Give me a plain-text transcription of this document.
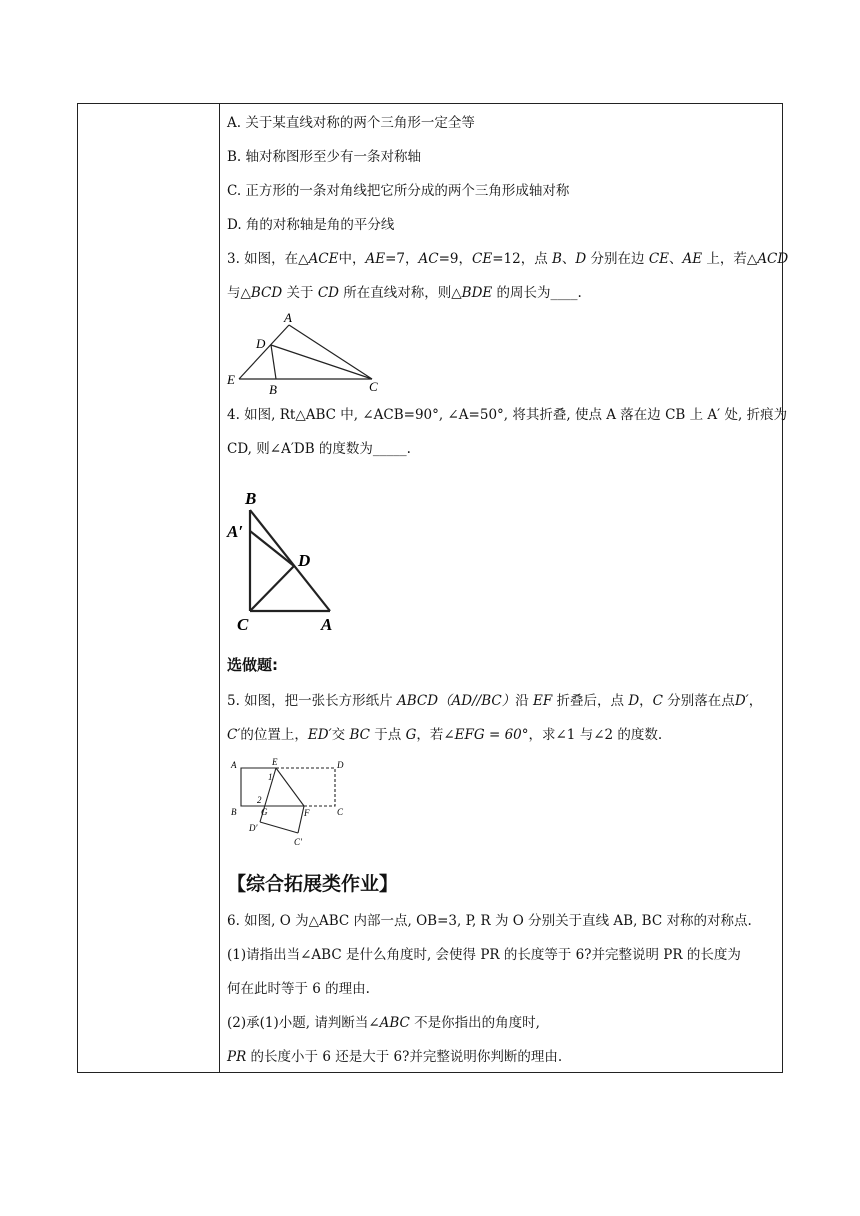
A. 关于某直线对称的两个三角形一定全等
B. 轴对称图形至少有一条对称轴
C. 正方形的一条对角线把它所分成的两个三角形成轴对称
D. 角的对称轴是角的平分线
3. 如图，在△ACE中，AE=7，AC=9，CE=12，点 B、D 分别在边 CE、AE 上，若△ACD
与△BCD 关于 CD 所在直线对称，则△BDE 的周长为____.
A
D
E
B	C
4. 如图, Rt△ABC 中, ∠ACB=90°, ∠A=50°, 将其折叠, 使点 A 落在边 CB 上 A′ 处, 折痕为
CD, 则∠A′DB 的度数为_____.
B
A′
D
C	A
选做题:
5. 如图，把一张长方形纸片 ABCD（AD//BC）沿 EF 折叠后，点 D，C 分别落在点D′，
C′的位置上，ED′交 BC 于点 G，若∠EFG = 60°，求∠1 与∠2 的度数.
A	E	D
1
2
B	G	F	C
D′
C′
【综合拓展类作业】
6. 如图, O 为△ABC 内部一点, OB=3, P, R 为 O 分别关于直线 AB, BC 对称的对称点.
(1)请指出当∠ABC 是什么角度时, 会使得 PR 的长度等于 6?并完整说明 PR 的长度为
何在此时等于 6 的理由.
(2)承(1)小题, 请判断当∠ABC 不是你指出的角度时,
PR 的长度小于 6 还是大于 6?并完整说明你判断的理由.
